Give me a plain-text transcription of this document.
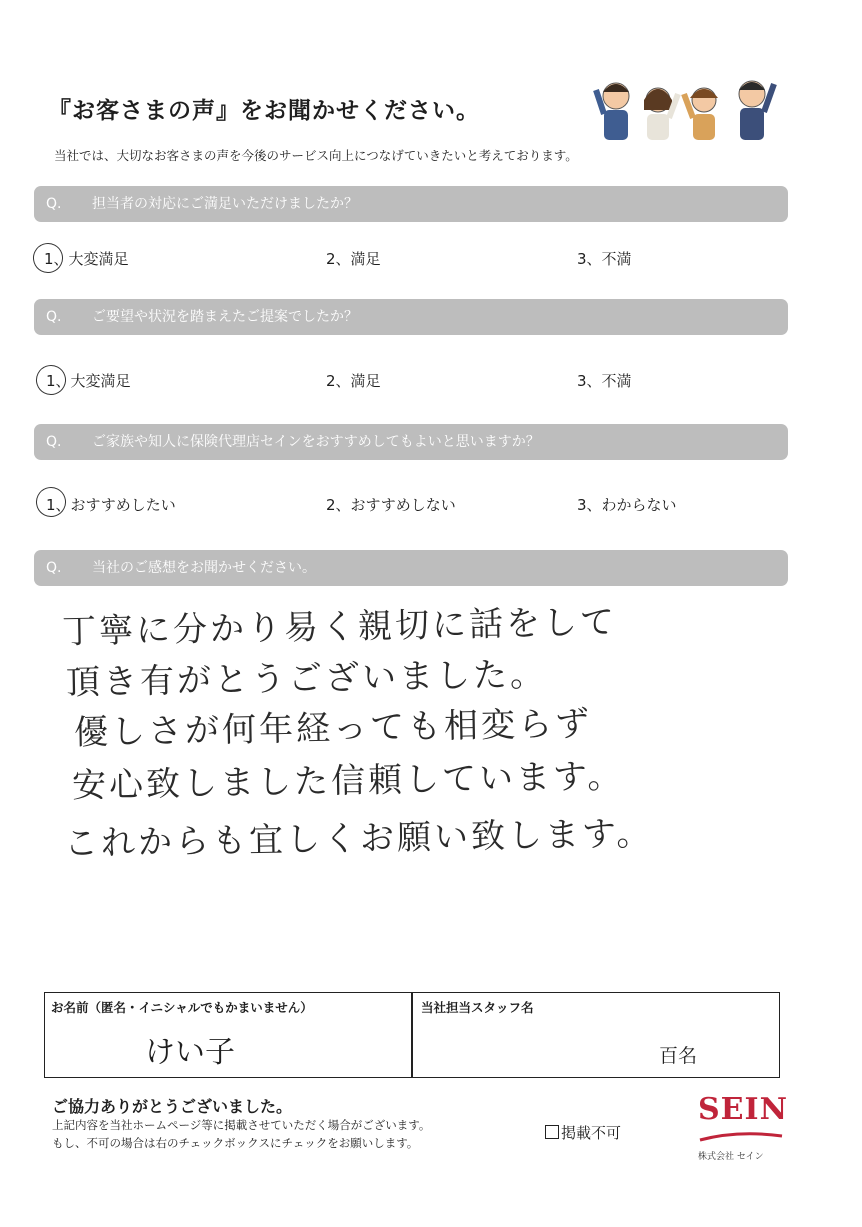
『お客さまの声』をお聞かせください。
当社では、大切なお客さまの声を今後のサービス向上につなげていきたいと考えております。
Q. 担当者の対応にご満足いただけましたか？
1、大変満足	2、満足	3、不満
Q. ご要望や状況を踏まえたご提案でしたか？
1、大変満足	2、満足	3、不満
Q. ご家族や知人に保険代理店セインをおすすめしてもよいと思いますか？
1、おすすめしたい	2、おすすめしない	3、わからない
Q. 当社のご感想をお聞かせください。
丁寧に分かり易く親切に話をして
頂き有がとうございました。
優しさが何年経っても相変らず
安心致しました信頼しています。
これからも宜しくお願い致します。
お名前（匿名・イニシャルでもかまいません）
けい子
当社担当スタッフ名
百名
ご協力ありがとうございました。
上記内容を当社ホームページ等に掲載させていただく場合がございます。
もし、不可の場合は右のチェックボックスにチェックをお願いします。
掲載不可
SEIN
株式会社 セイン
